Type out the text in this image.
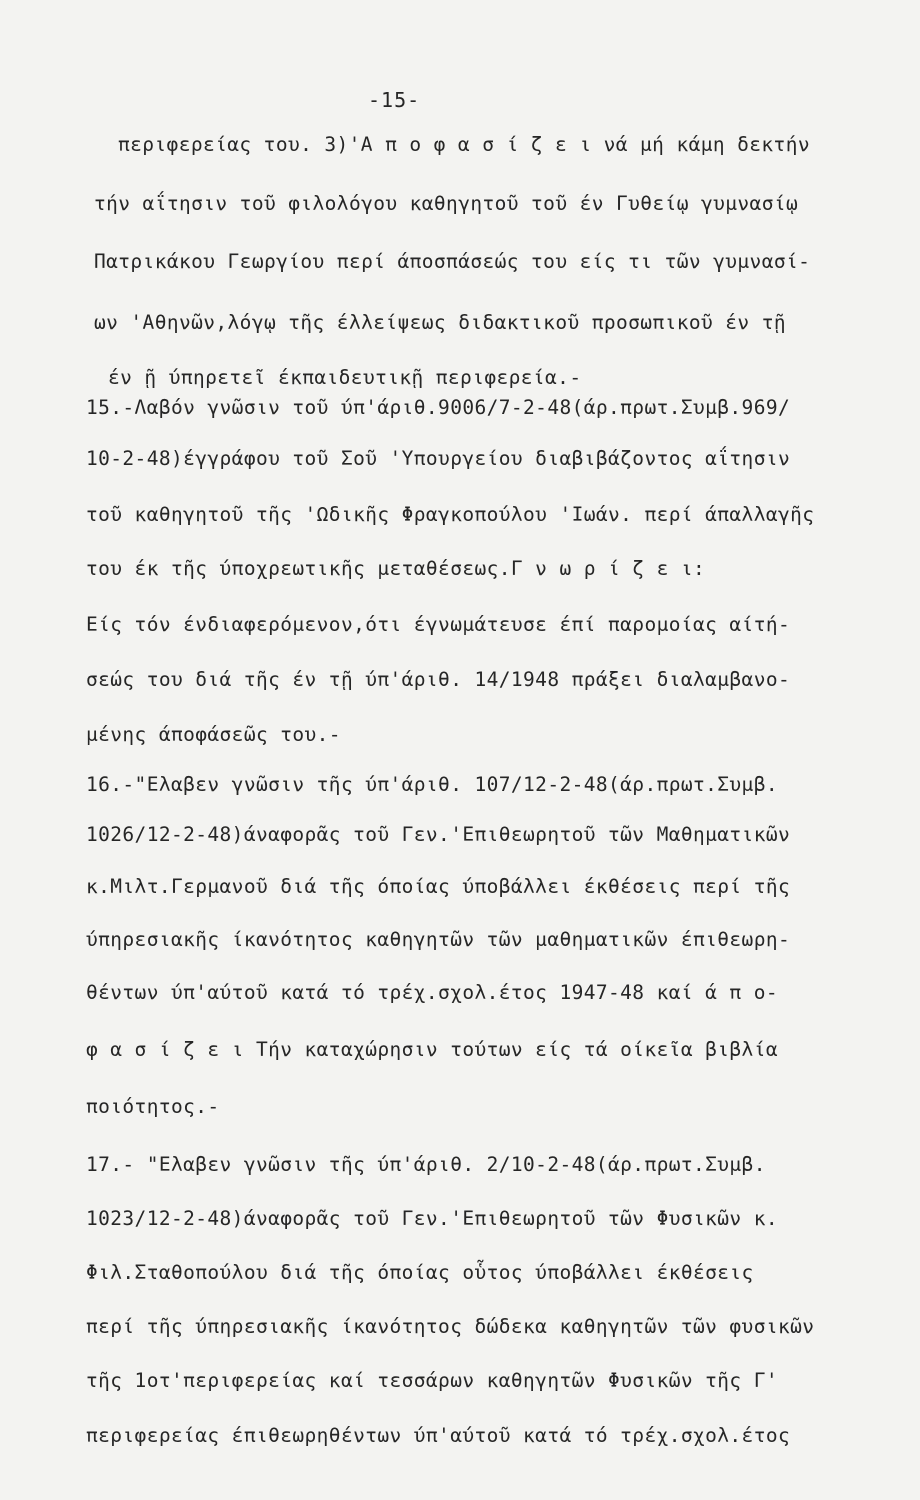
-15-
περιφερείας του. 3)'Α π ο φ α σ ί ζ ε ι νά μή κάμη δεκτήν
τήν αΐτησιν τοῦ φιλολόγου καθηγητοῦ τοῦ έν Γυθείῳ γυμνασίῳ
Πατρικάκου Γεωργίου περί άποσπάσεώς του είς τι τῶν γυμνασί-
ων 'Αθηνῶν,λόγῳ τῆς έλλείψεως διδακτικοῦ προσωπικοῦ έν τῇ
έν ῇ ύπηρετεῖ έκπαιδευτικῇ περιφερεία.-
15.-Λαβόν γνῶσιν τοῦ ύπ'άριθ.9006/7-2-48(άρ.πρωτ.Συμβ.969/
10-2-48)έγγράφου τοῦ Σοῦ 'Υπουργείου διαβιβάζοντος αΐτησιν
τοῦ καθηγητοῦ τῆς 'Ωδικῆς Φραγκοπούλου 'Ιωάν. περί άπαλλαγῆς
του έκ τῆς ύποχρεωτικῆς μεταθέσεως.Γ ν ω ρ ί ζ ε ι:
Είς τόν ένδιαφερόμενον,ότι έγνωμάτευσε έπί παρομοίας αίτή-
σεώς του διά τῆς έν τῇ ύπ'άριθ. 14/1948 πράξει διαλαμβανο-
μένης άποφάσεῶς του.-
16.-"Ελαβεν γνῶσιν τῆς ύπ'άριθ. 107/12-2-48(άρ.πρωτ.Συμβ.
1026/12-2-48)άναφορᾶς τοῦ Γεν.'Επιθεωρητοῦ τῶν Μαθηματικῶν
κ.Μιλτ.Γερμανοῦ διά τῆς όποίας ύποβάλλει έκθέσεις περί τῆς
ύπηρεσιακῆς ίκανότητος καθηγητῶν τῶν μαθηματικῶν έπιθεωρη-
θέντων ύπ'αύτοῦ κατά τό τρέχ.σχολ.έτος 1947-48 καί ά π ο-
φ α σ ί ζ ε ι Τήν καταχώρησιν τούτων είς τά οίκεῖα βιβλία
ποιότητος.-
17.- "Ελαβεν γνῶσιν τῆς ύπ'άριθ. 2/10-2-48(άρ.πρωτ.Συμβ.
1023/12-2-48)άναφορᾶς τοῦ Γεν.'Επιθεωρητοῦ τῶν Φυσικῶν κ.
Φιλ.Σταθοπούλου διά τῆς όποίας οὗτος ύποβάλλει έκθέσεις
περί τῆς ύπηρεσιακῆς ίκανότητος δώδεκα καθηγητῶν τῶν φυσικῶν
τῆς 1οτ'περιφερείας καί τεσσάρων καθηγητῶν Φυσικῶν τῆς Γ'
περιφερείας έπιθεωρηθέντων ύπ'αύτοῦ κατά τό τρέχ.σχολ.έτος
